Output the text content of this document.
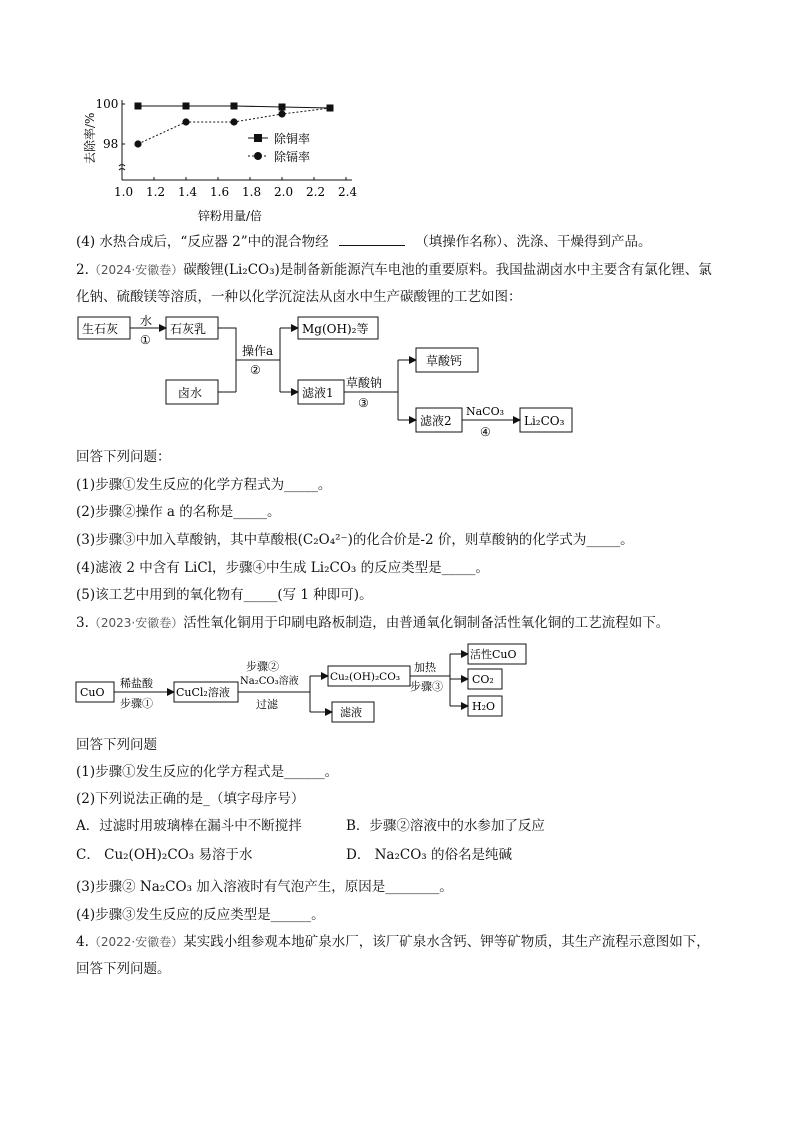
1.0 1.2 1.4 1.6 1.8 2.0 2.2 2.4
98
100
除铜率
除镉率
去除率/%
锌粉用量/倍
(4) 水热合成后，“反应器 2”中的混合物经	（填操作名称）、洗涤、干燥得到产品。
2.（2024·安徽卷）碳酸锂(Li₂CO₃)是制备新能源汽车电池的重要原料。我国盐湖卤水中主要含有氯化锂、氯
化钠、硫酸镁等溶质，一种以化学沉淀法从卤水中生产碳酸锂的工艺如图：
生石灰	石灰乳
卤水
Mg(OH)₂等
滤液1
草酸钙
滤液2	Li₂CO₃
水
①
操作a
②
草酸钠
③
NaCO₃
④
回答下列问题：
(1)步骤①发生反应的化学方程式为_____。
(2)步骤②操作 a 的名称是_____。
(3)步骤③中加入草酸钠，其中草酸根(C₂O₄²⁻)的化合价是-2 价，则草酸钠的化学式为_____。
(4)滤液 2 中含有 LiCl，步骤④中生成 Li₂CO₃ 的反应类型是_____。
(5)该工艺中用到的氧化物有_____(写 1 种即可)。
3.（2023·安徽卷）活性氧化铜用于印刷电路板制造，由普通氧化铜制备活性氧化铜的工艺流程如下。
CuO	CuCl₂溶液
Cu₂(OH)₂CO₃
滤液
活性CuO
CO₂
H₂O
稀盐酸
步骤①
步骤②
Na₂CO₃溶液
过滤
加热
步骤③
回答下列问题
(1)步骤①发生反应的化学方程式是______。
(2)下列说法正确的是_（填字母序号）
A．过滤时用玻璃棒在漏斗中不断搅拌	B．步骤②溶液中的水参加了反应
C． Cu₂(OH)₂CO₃ 易溶于水	D． Na₂CO₃ 的俗名是纯碱
(3)步骤② Na₂CO₃ 加入溶液时有气泡产生，原因是________。
(4)步骤③发生反应的反应类型是______。
4.（2022·安徽卷）某实践小组参观本地矿泉水厂，该厂矿泉水含钙、钾等矿物质，其生产流程示意图如下，
回答下列问题。
